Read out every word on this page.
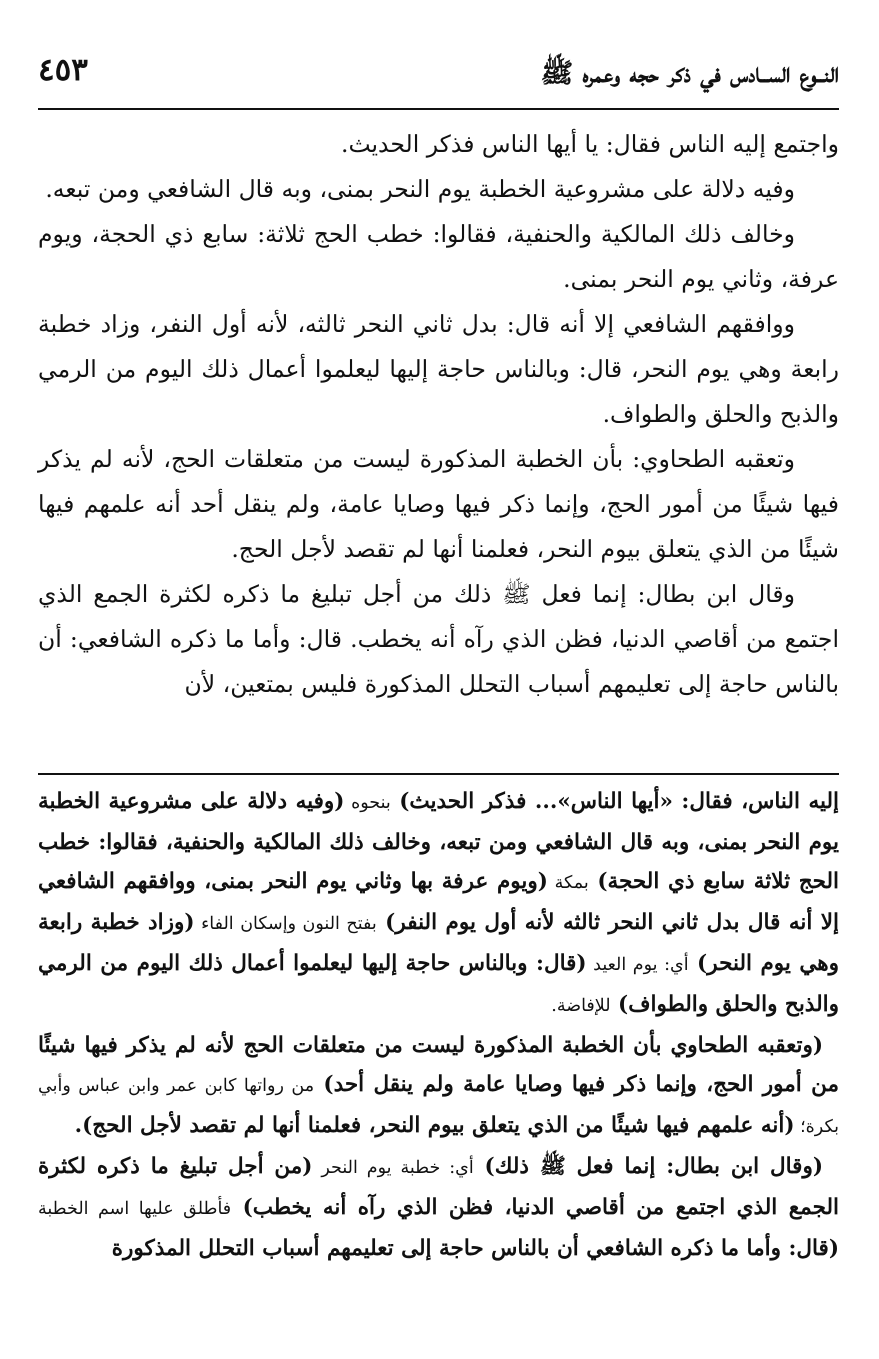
النــوع الســادس في ذكر حجه وعمره ﷺ
٤٥٣

واجتمع إليه الناس فقال: يا أيها الناس فذكر الحديث.

وفيه دلالة على مشروعية الخطبة يوم النحر بمنى، وبه قال الشافعي ومن تبعه.

وخالف ذلك المالكية والحنفية، فقالوا: خطب الحج ثلاثة: سابع ذي الحجة، ويوم عرفة، وثاني يوم النحر بمنى.

ووافقهم الشافعي إلا أنه قال: بدل ثاني النحر ثالثه، لأنه أول النفر، وزاد خطبة رابعة وهي يوم النحر، قال: وبالناس حاجة إليها ليعلموا أعمال ذلك اليوم من الرمي والذبح والحلق والطواف.

وتعقبه الطحاوي: بأن الخطبة المذكورة ليست من متعلقات الحج، لأنه لم يذكر فيها شيئًا من أمور الحج، وإنما ذكر فيها وصايا عامة، ولم ينقل أحد أنه علمهم فيها شيئًا من الذي يتعلق بيوم النحر، فعلمنا أنها لم تقصد لأجل الحج.

وقال ابن بطال: إنما فعل ﷺ ذلك من أجل تبليغ ما ذكره لكثرة الجمع الذي اجتمع من أقاصي الدنيا، فظن الذي رآه أنه يخطب. قال: وأما ما ذكره الشافعي: أن بالناس حاجة إلى تعليمهم أسباب التحلل المذكورة فليس بمتعين، لأن

إليه الناس، فقال: «أيها الناس»... فذكر الحديث) بنحوه (وفيه دلالة على مشروعية الخطبة يوم النحر بمنى، وبه قال الشافعي ومن تبعه، وخالف ذلك المالكية والحنفية، فقالوا: خطب الحج ثلاثة سابع ذي الحجة) بمكة (ويوم عرفة بها وثاني يوم النحر بمنى، ووافقهم الشافعي إلا أنه قال بدل ثاني النحر ثالثه لأنه أول يوم النفر) بفتح النون وإسكان الفاء (وزاد خطبة رابعة وهي يوم النحر) أي: يوم العيد (قال: وبالناس حاجة إليها ليعلموا أعمال ذلك اليوم من الرمي والذبح والحلق والطواف) للإفاضة.

(وتعقبه الطحاوي بأن الخطبة المذكورة ليست من متعلقات الحج لأنه لم يذكر فيها شيئًا من أمور الحج، وإنما ذكر فيها وصايا عامة ولم ينقل أحد) من رواتها كابن عمر وابن عباس وأبي بكرة؛ (أنه علمهم فيها شيئًا من الذي يتعلق بيوم النحر، فعلمنا أنها لم تقصد لأجل الحج).

(وقال ابن بطال: إنما فعل ﷺ ذلك) أي: خطبة يوم النحر (من أجل تبليغ ما ذكره لكثرة الجمع الذي اجتمع من أقاصي الدنيا، فظن الذي رآه أنه يخطب) فأطلق عليها اسم الخطبة (قال: وأما ما ذكره الشافعي أن بالناس حاجة إلى تعليمهم أسباب التحلل المذكورة
